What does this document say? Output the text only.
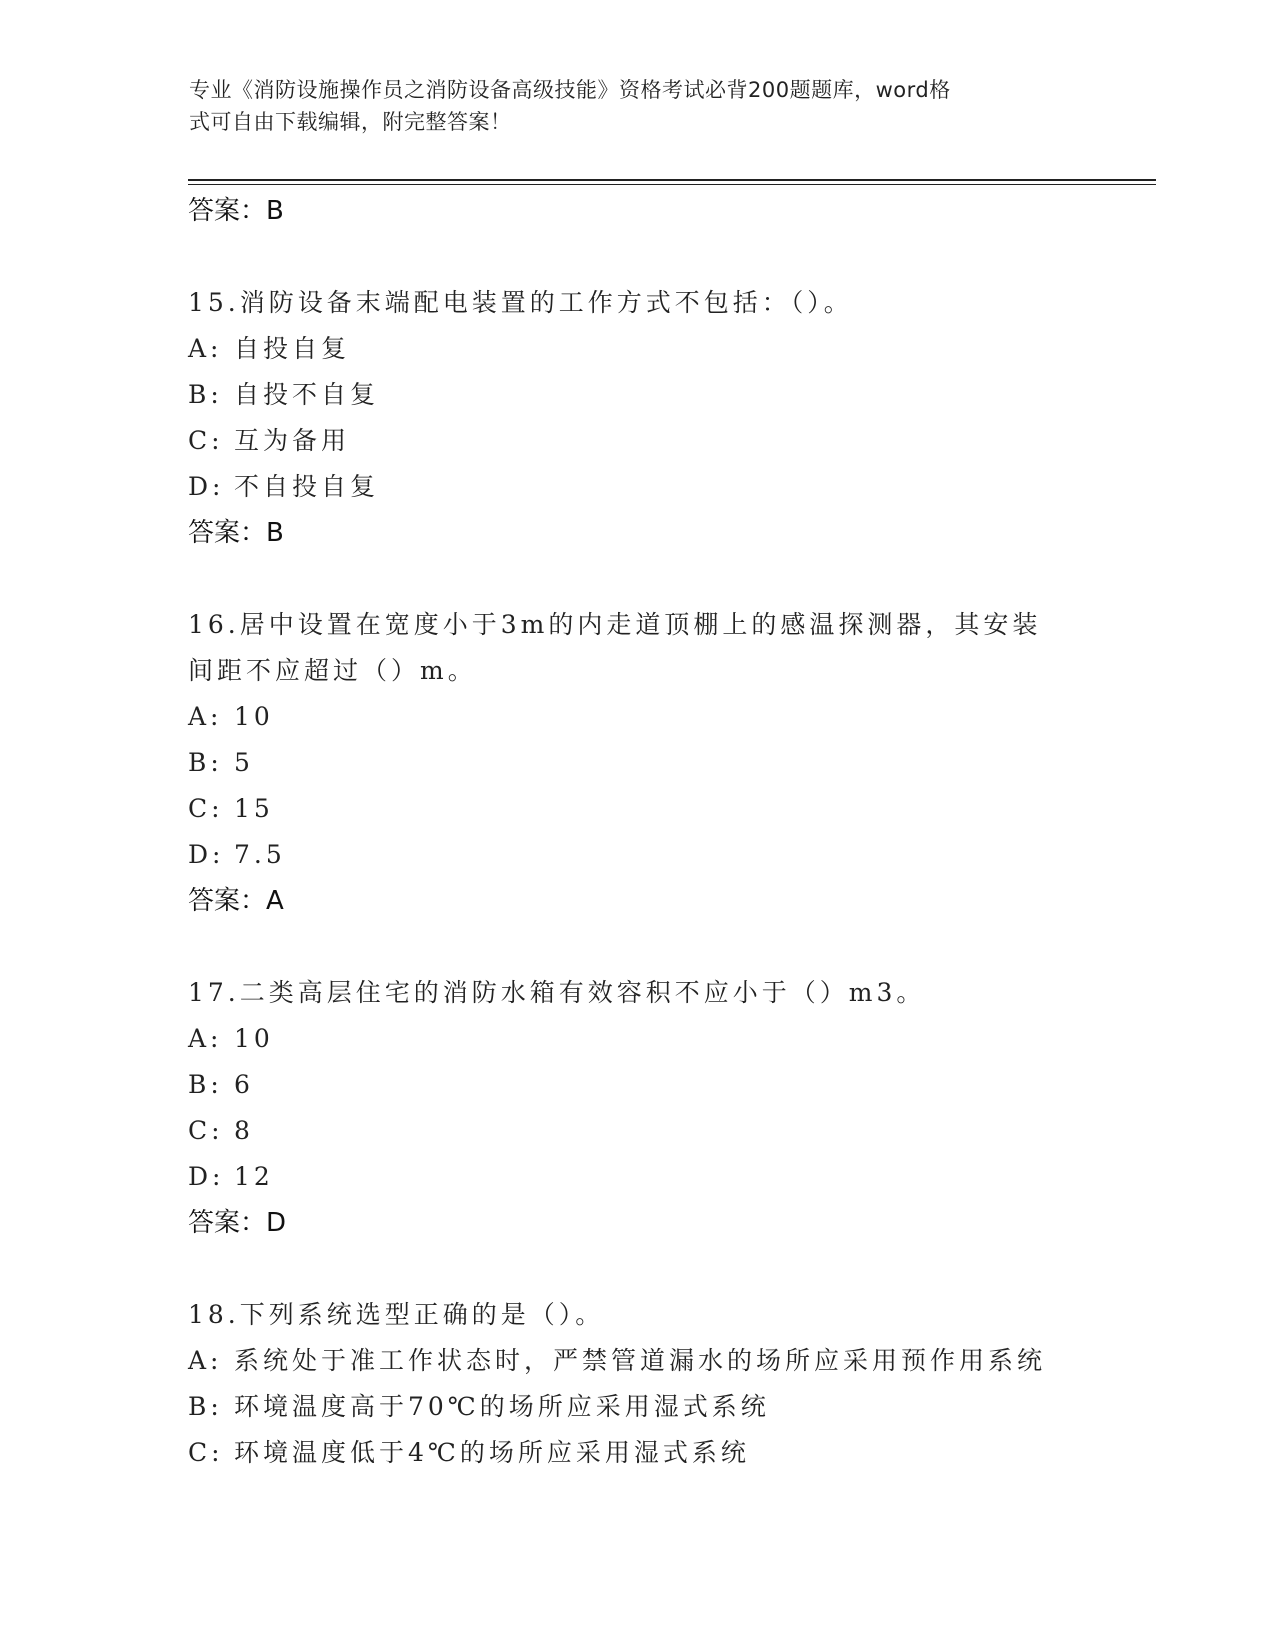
专业《消防设施操作员之消防设备高级技能》资格考试必背200题题库，word格
式可自由下载编辑，附完整答案！
答案：B
15.消防设备末端配电装置的工作方式不包括：（）。
A: 自投自复
B: 自投不自复
C: 互为备用
D: 不自投自复
答案：B
16.居中设置在宽度小于3m的内走道顶棚上的感温探测器，其安装间距不应超过（）m。
A: 10
B: 5
C: 15
D: 7.5
答案：A
17.二类高层住宅的消防水箱有效容积不应小于（）m3。
A: 10
B: 6
C: 8
D: 12
答案：D
18.下列系统选型正确的是（）。
A: 系统处于准工作状态时，严禁管道漏水的场所应采用预作用系统
B: 环境温度高于70℃的场所应采用湿式系统
C: 环境温度低于4℃的场所应采用湿式系统
